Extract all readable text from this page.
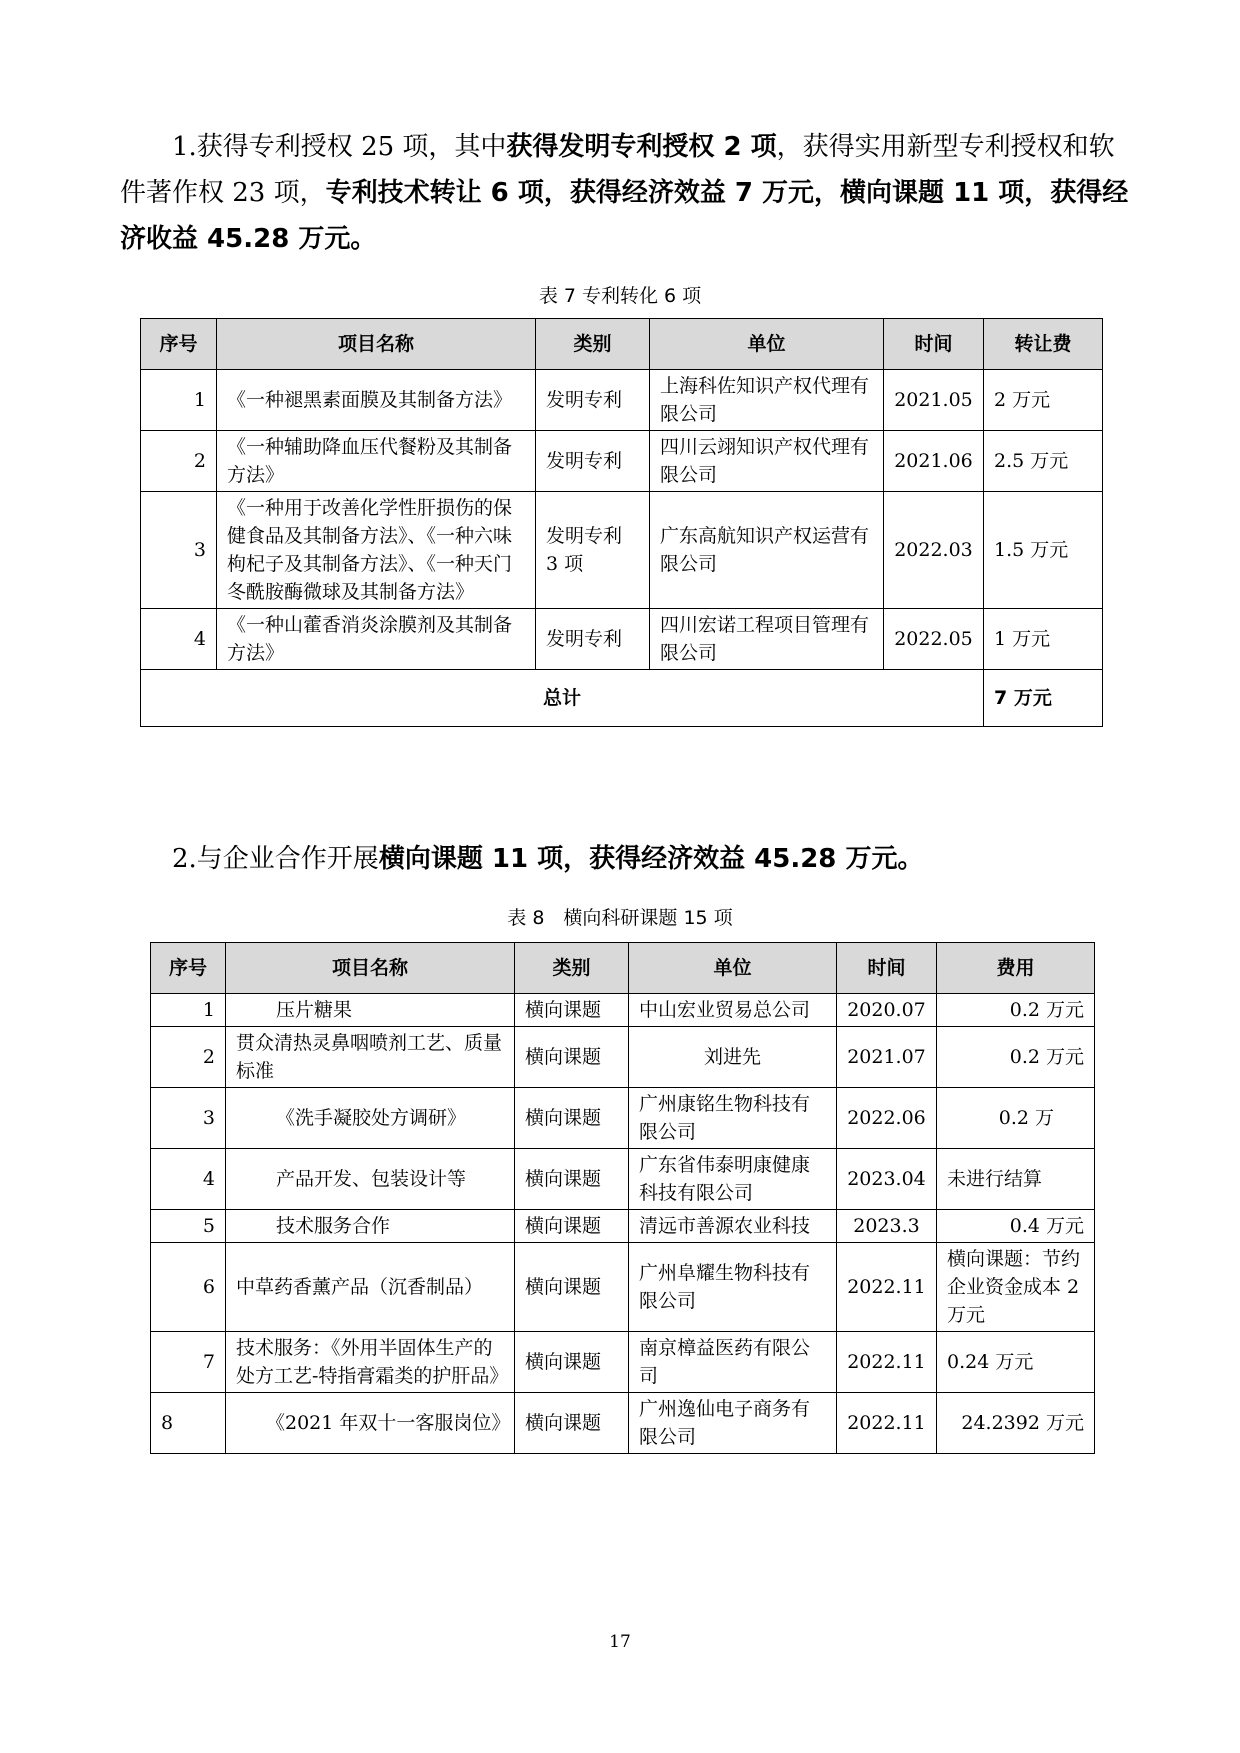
1.获得专利授权 25 项，其中获得发明专利授权 2 项，获得实用新型专利授权和软件著作权 23 项，专利技术转让 6 项，获得经济效益 7 万元，横向课题 11 项，获得经济收益 45.28 万元。

表 7 专利转化 6 项

序号	项目名称	类别	单位	时间	转让费
1	《一种褪黑素面膜及其制备方法》	发明专利	上海科佐知识产权代理有限公司	2021.05	2 万元
2	《一种辅助降血压代餐粉及其制备方法》	发明专利	四川云翊知识产权代理有限公司	2021.06	2.5 万元
3	《一种用于改善化学性肝损伤的保健食品及其制备方法》、《一种六味枸杞子及其制备方法》、《一种天门冬酰胺酶微球及其制备方法》	发明专利 3 项	广东高航知识产权运营有限公司	2022.03	1.5 万元
4	《一种山藿香消炎涂膜剂及其制备方法》	发明专利	四川宏诺工程项目管理有限公司	2022.05	1 万元
总计					7 万元

2.与企业合作开展横向课题 11 项，获得经济效益 45.28 万元。

表 8　横向科研课题 15 项

序号	项目名称	类别	单位	时间	费用
1	压片糖果	横向课题	中山宏业贸易总公司	2020.07	0.2 万元
2	贯众清热灵鼻咽喷剂工艺、质量标准	横向课题	刘进先	2021.07	0.2 万元
3	《洗手凝胶处方调研》	横向课题	广州康铭生物科技有限公司	2022.06	0.2 万
4	产品开发、包装设计等	横向课题	广东省伟泰明康健康科技有限公司	2023.04	未进行结算
5	技术服务合作	横向课题	清远市善源农业科技	2023.3	0.4 万元
6	中草药香薰产品（沉香制品）	横向课题	广州阜耀生物科技有限公司	2022.11	横向课题：节约企业资金成本 2 万元
7	技术服务：《外用半固体生产的处方工艺-特指膏霜类的护肝品》	横向课题	南京樟益医药有限公司	2022.11	0.24 万元
8	《2021 年双十一客服岗位》	横向课题	广州逸仙电子商务有限公司	2022.11	24.2392 万元
17
